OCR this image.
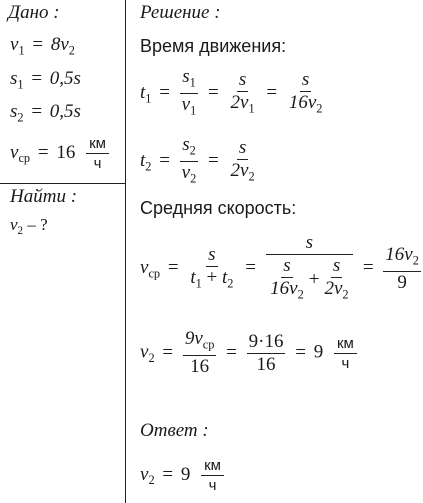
Дано :
$v_1 = 8v_2$
$s_1 = 0,5s$
$s_2 = 0,5s$
$v_{ср} = 16$ км
ч
Найти :
$v_2$ – ?
Решение :
Время движения:
$t_1 = \frac{s_1}{v_1} = \frac{s}{2v_1} = \frac{s}{16v_2}$
$t_2 = \frac{s_2}{v_2} = \frac{s}{2v_2}$
Средняя скорость:
$v_{ср} = \frac{s}{t_1 + t_2} = \frac{s}{\frac{s}{16v_2} + \frac{s}{2v_2}} = \frac{16v_2}{9}$
$v_2 = \frac{9v_{ср}}{16} = \frac{9\cdot 16}{16} = 9$ км
ч
Ответ :
$v_2 = 9$ км
ч
